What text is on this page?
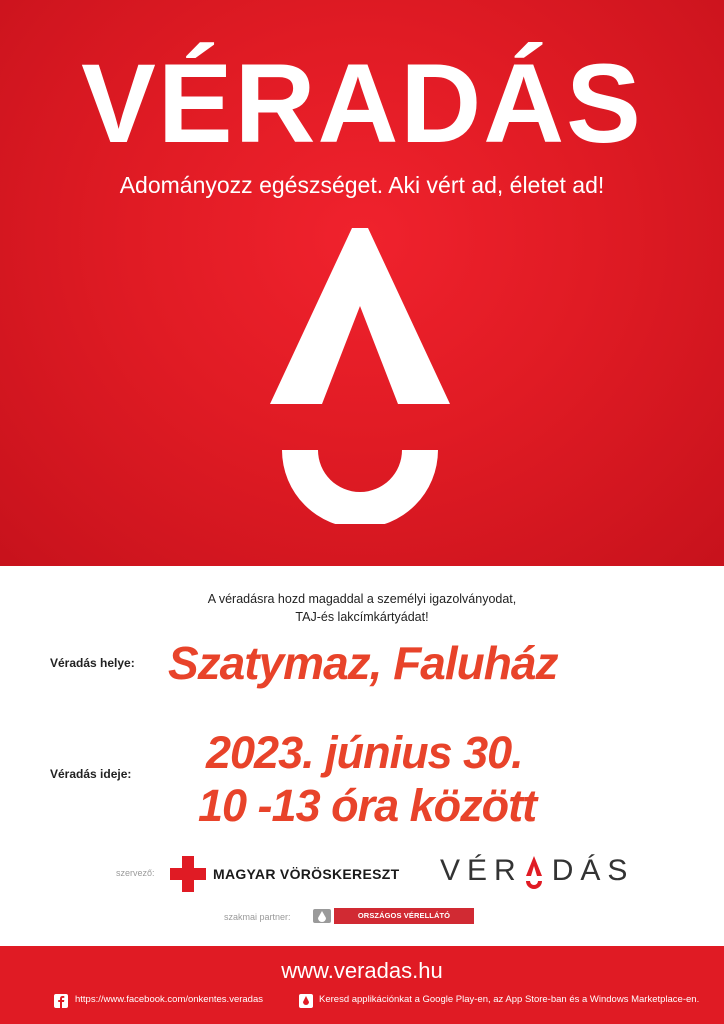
VÉRADÁS

Adományozz egészséget. Aki vért ad, életet ad!

A véradásra hozd magaddal a személyi igazolványodat,
TAJ-és lakcímkártyádat!
Véradás helye: Szatymaz, Faluház
Véradás ideje: 2023. június 30.
10 -13 óra között
szervező:	MAGYAR VÖRÖSKERESZT VÉR DÁS
szakmai partner:	ORSZÁGOS VÉRELLÁTÓ SZOLGÁLAT
www.veradas.hu
https://www.facebook.com/onkentes.veradas	Keresd applikációnkat a Google Play-en, az App Store-ban és a Windows Marketplace-en.
